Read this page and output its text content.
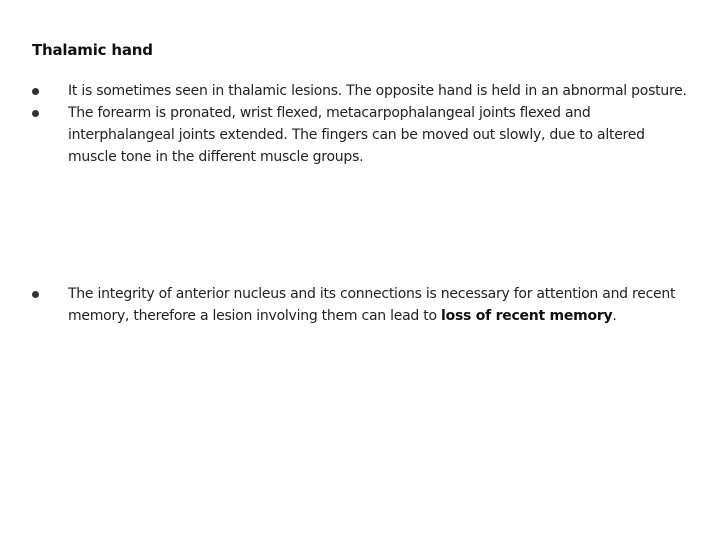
Thalamic hand
It is sometimes seen in thalamic lesions. The opposite hand is held in an abnormal posture.
The forearm is pronated, wrist flexed, metacarpophalangeal joints flexed and interphalangeal joints extended. The fingers can be moved out slowly, due to altered muscle tone in the different muscle groups.
The integrity of anterior nucleus and its connections is necessary for attention and recent memory, therefore a lesion involving them can lead to loss of recent memory.
